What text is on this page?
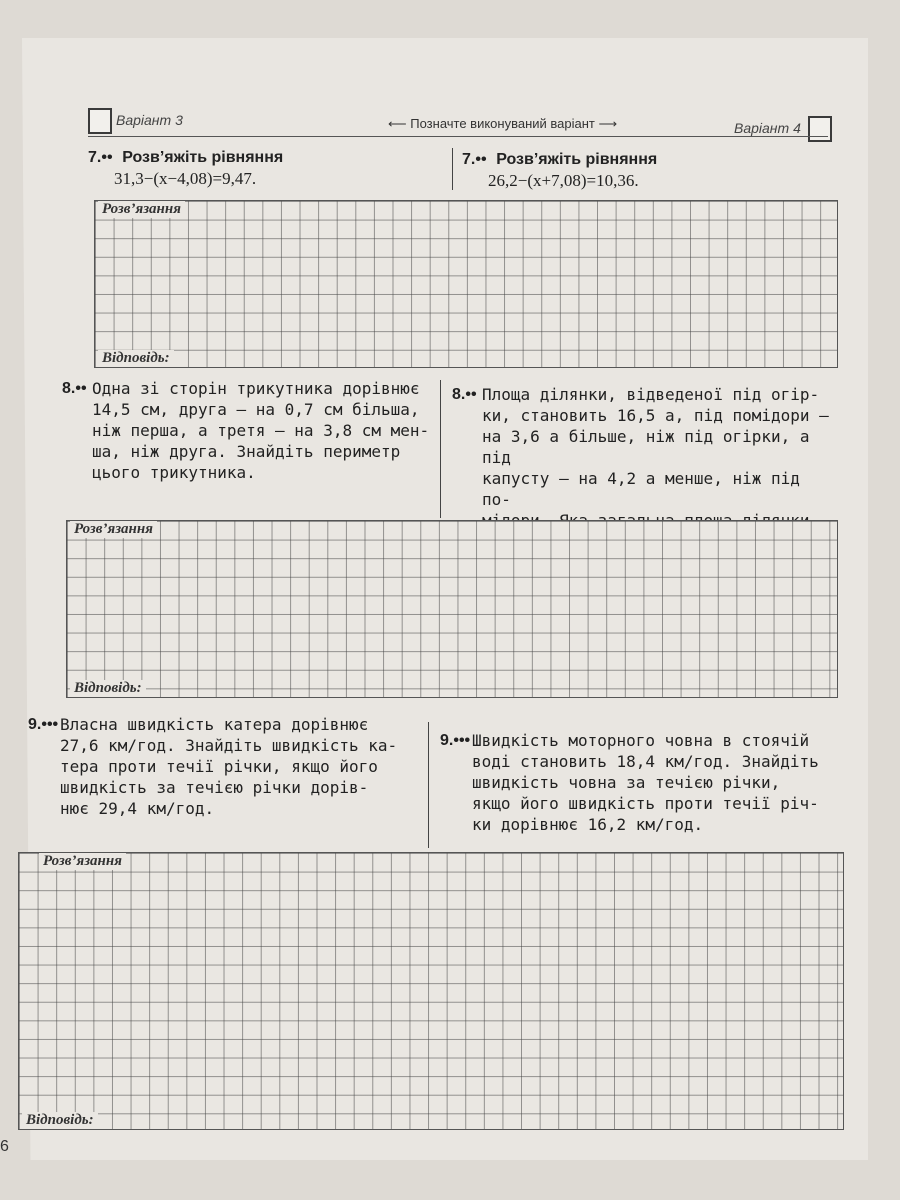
Варіант 3	⟵ Позначте виконуваний варіант ⟶	Варіант 4
7.•• Розв’яжіть рівняння
31,3−(x−4,08)=9,47.
7.•• Розв’яжіть рівняння
26,2−(x+7,08)=10,36.
Розв’язання
Відповідь:
8.•• Одна зі сторін трикутника дорівнює
14,5 см, друга — на 0,7 см більша,
ніж перша, а третя — на 3,8 см мен-
ша, ніж друга. Знайдіть периметр
цього трикутника.
8.•• Площа ділянки, відведеної під огір-
ки, становить 16,5 а, під помідори —
на 3,6 а більше, ніж під огірки, а під
капусту — на 4,2 а менше, ніж під по-
Розв’язання
Відповідь:
9.••• Власна швидкість катера дорівнює
27,6 км/год. Знайдіть швидкість ка-
тера проти течії річки, якщо його
швидкість за течією річки дорів-
нює 29,4 км/год.
9.••• Швидкість моторного човна в стоячій
воді становить 18,4 км/год. Знайдіть
швидкість човна за течією річки,
якщо його швидкість проти течії річ-
ки дорівнює 16,2 км/год.
Розв’язання
Відповідь:
6
